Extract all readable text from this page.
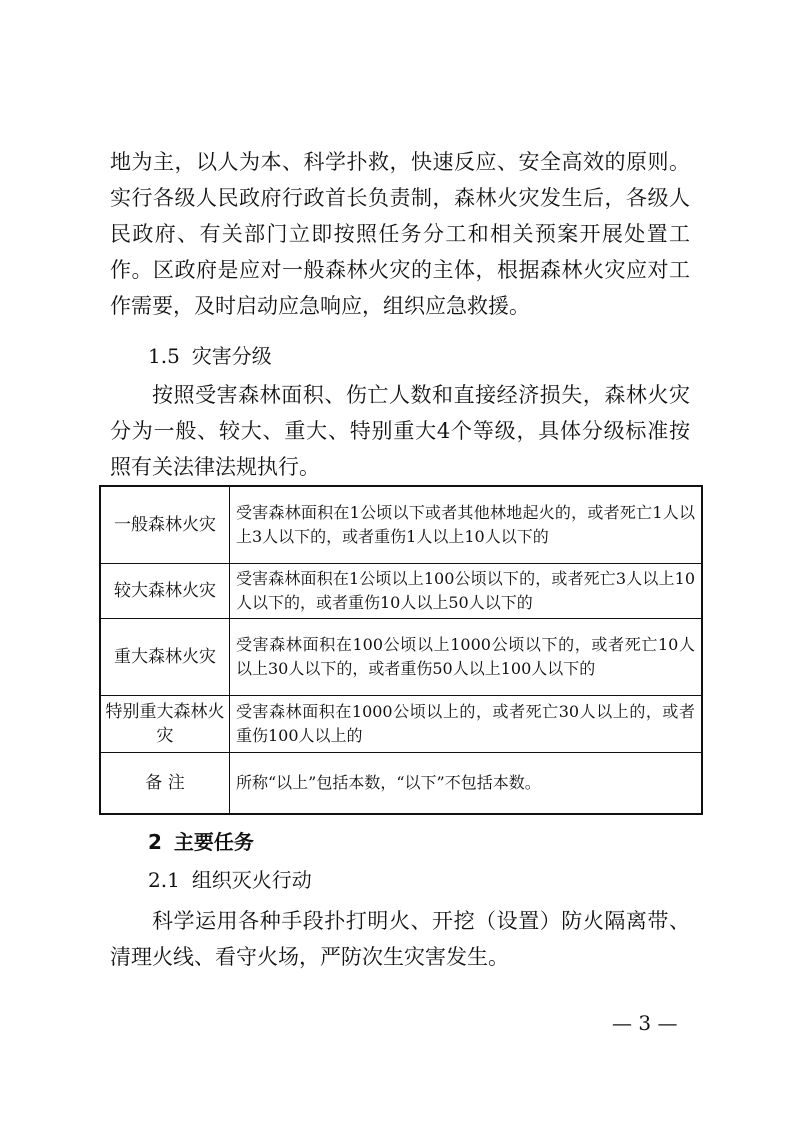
地为主，以人为本、科学扑救，快速反应、安全高效的原则。实行各级人民政府行政首长负责制，森林火灾发生后，各级人民政府、有关部门立即按照任务分工和相关预案开展处置工作。区政府是应对一般森林火灾的主体，根据森林火灾应对工作需要，及时启动应急响应，组织应急救援。

1.5 灾害分级

按照受害森林面积、伤亡人数和直接经济损失，森林火灾分为一般、较大、重大、特别重大4个等级，具体分级标准按照有关法律法规执行。

一般森林火灾	受害森林面积在1公顷以下或者其他林地起火的，或者死亡1人以上3人以下的，或者重伤1人以上10人以下的
较大森林火灾	受害森林面积在1公顷以上100公顷以下的，或者死亡3人以上10人以下的，或者重伤10人以上50人以下的
重大森林火灾	受害森林面积在100公顷以上1000公顷以下的，或者死亡10人以上30人以下的，或者重伤50人以上100人以下的
特别重大森林火灾	受害森林面积在1000公顷以上的，或者死亡30人以上的，或者重伤100人以上的
备 注	所称“以上”包括本数，“以下”不包括本数。
2 主要任务
2.1 组织灭火行动

科学运用各种手段扑打明火、开挖（设置）防火隔离带、清理火线、看守火场，严防次生灾害发生。

— 3 —
